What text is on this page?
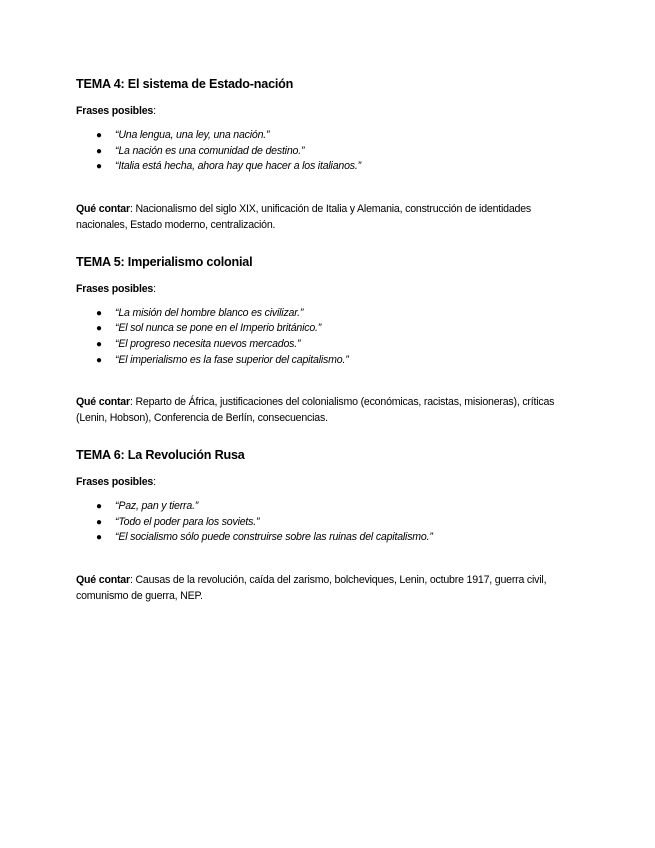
TEMA 4: El sistema de Estado-nación

Frases posibles:

● “Una lengua, una ley, una nación.”
● “La nación es una comunidad de destino.”
● “Italia está hecha, ahora hay que hacer a los italianos.”

Qué contar: Nacionalismo del siglo XIX, unificación de Italia y Alemania, construcción de identidades nacionales, Estado moderno, centralización.

TEMA 5: Imperialismo colonial

Frases posibles:

● “La misión del hombre blanco es civilizar.”
● “El sol nunca se pone en el Imperio británico.”
● “El progreso necesita nuevos mercados.”
● “El imperialismo es la fase superior del capitalismo.”

Qué contar: Reparto de África, justificaciones del colonialismo (económicas, racistas, misioneras), críticas (Lenin, Hobson), Conferencia de Berlín, consecuencias.

TEMA 6: La Revolución Rusa

Frases posibles:

● “Paz, pan y tierra.”
● “Todo el poder para los soviets.”
● “El socialismo sólo puede construirse sobre las ruinas del capitalismo.”

Qué contar: Causas de la revolución, caída del zarismo, bolcheviques, Lenin, octubre 1917, guerra civil, comunismo de guerra, NEP.
